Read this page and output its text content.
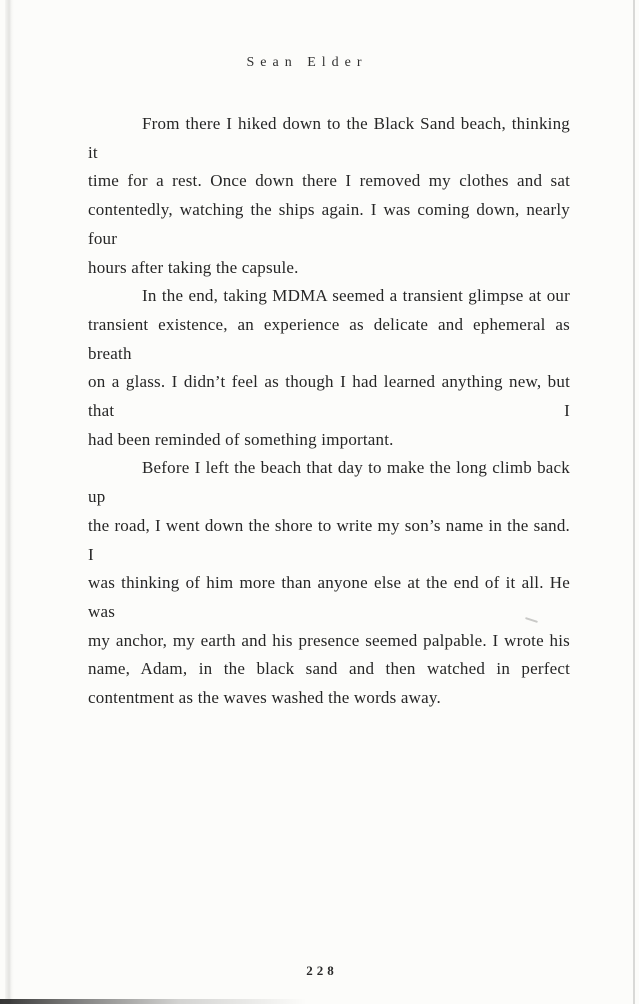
Sean Elder
From there I hiked down to the Black Sand beach, thinking it
time for a rest. Once down there I removed my clothes and sat
contentedly, watching the ships again. I was coming down, nearly four
hours after taking the capsule.
In the end, taking MDMA seemed a transient glimpse at our
transient existence, an experience as delicate and ephemeral as breath
on a glass. I didn’t feel as though I had learned anything new, but that I
had been reminded of something important.
Before I left the beach that day to make the long climb back up
the road, I went down the shore to write my son’s name in the sand. I
was thinking of him more than anyone else at the end of it all. He was
my anchor, my earth and his presence seemed palpable. I wrote his
name, Adam, in the black sand and then watched in perfect
contentment as the waves washed the words away.
228
